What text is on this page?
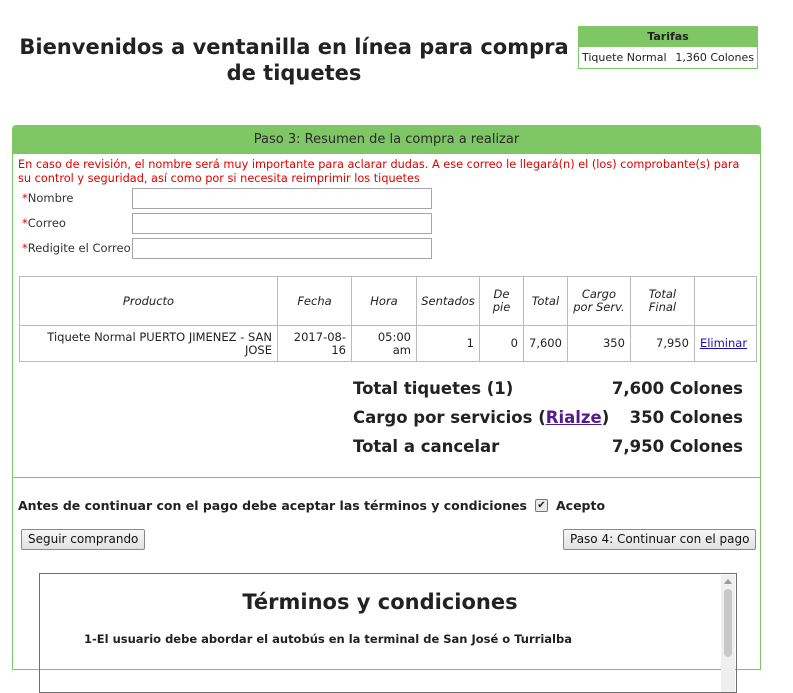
Bienvenidos a ventanilla en línea para compra
de tiquetes
Tarifas
Tiquete Normal 1,360 Colones
Paso 3: Resumen de la compra a realizar
En caso de revisión, el nombre será muy importante para aclarar dudas. A ese correo le llegará(n) el (los) comprobante(s) para su control y seguridad, así como por si necesita reimprimir los tiquetes
*Nombre
*Correo
*Redigite el Correo
Producto	Fecha	Hora	Sentados	De pie	Total	Cargo por Serv.	Total Final	
Tiquete Normal PUERTO JIMENEZ - SAN JOSE	2017-08-16	05:00 am	1	0	7,600	350	7,950	Eliminar
Total tiquetes (1)	7,600 Colones
Cargo por servicios (Rialze) 350 Colones
Total a cancelar	7,950 Colones
Antes de continuar con el pago debe aceptar las términos y condiciones ✔ Acepto
Seguir comprando	Paso 4: Continuar con el pago
Términos y condiciones
1-El usuario debe abordar el autobús en la terminal de San José o Turrialba
